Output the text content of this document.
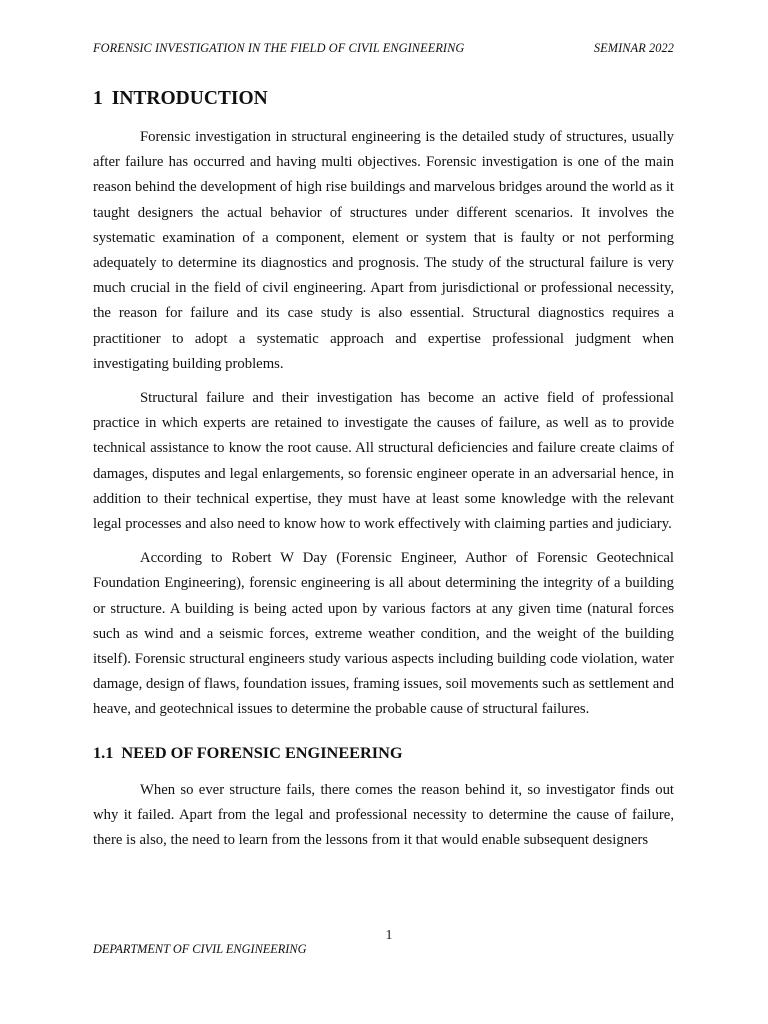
FORENSIC INVESTIGATION IN THE FIELD OF CIVIL ENGINEERING	SEMINAR 2022
1 INTRODUCTION

Forensic investigation in structural engineering is the detailed study of structures, usually after failure has occurred and having multi objectives. Forensic investigation is one of the main reason behind the development of high rise buildings and marvelous bridges around the world as it taught designers the actual behavior of structures under different scenarios. It involves the systematic examination of a component, element or system that is faulty or not performing adequately to determine its diagnostics and prognosis. The study of the structural failure is very much crucial in the field of civil engineering. Apart from jurisdictional or professional necessity, the reason for failure and its case study is also essential. Structural diagnostics requires a practitioner to adopt a systematic approach and expertise professional judgment when investigating building problems.

Structural failure and their investigation has become an active field of professional practice in which experts are retained to investigate the causes of failure, as well as to provide technical assistance to know the root cause. All structural deficiencies and failure create claims of damages, disputes and legal enlargements, so forensic engineer operate in an adversarial hence, in addition to their technical expertise, they must have at least some knowledge with the relevant legal processes and also need to know how to work effectively with claiming parties and judiciary.

According to Robert W Day (Forensic Engineer, Author of Forensic Geotechnical Foundation Engineering), forensic engineering is all about determining the integrity of a building or structure. A building is being acted upon by various factors at any given time (natural forces such as wind and a seismic forces, extreme weather condition, and the weight of the building itself). Forensic structural engineers study various aspects including building code violation, water damage, design of flaws, foundation issues, framing issues, soil movements such as settlement and heave, and geotechnical issues to determine the probable cause of structural failures.

1.1 NEED OF FORENSIC ENGINEERING

When so ever structure fails, there comes the reason behind it, so investigator finds out why it failed. Apart from the legal and professional necessity to determine the cause of failure, there is also, the need to learn from the lessons from it that would enable subsequent designers

1
DEPARTMENT OF CIVIL ENGINEERING
